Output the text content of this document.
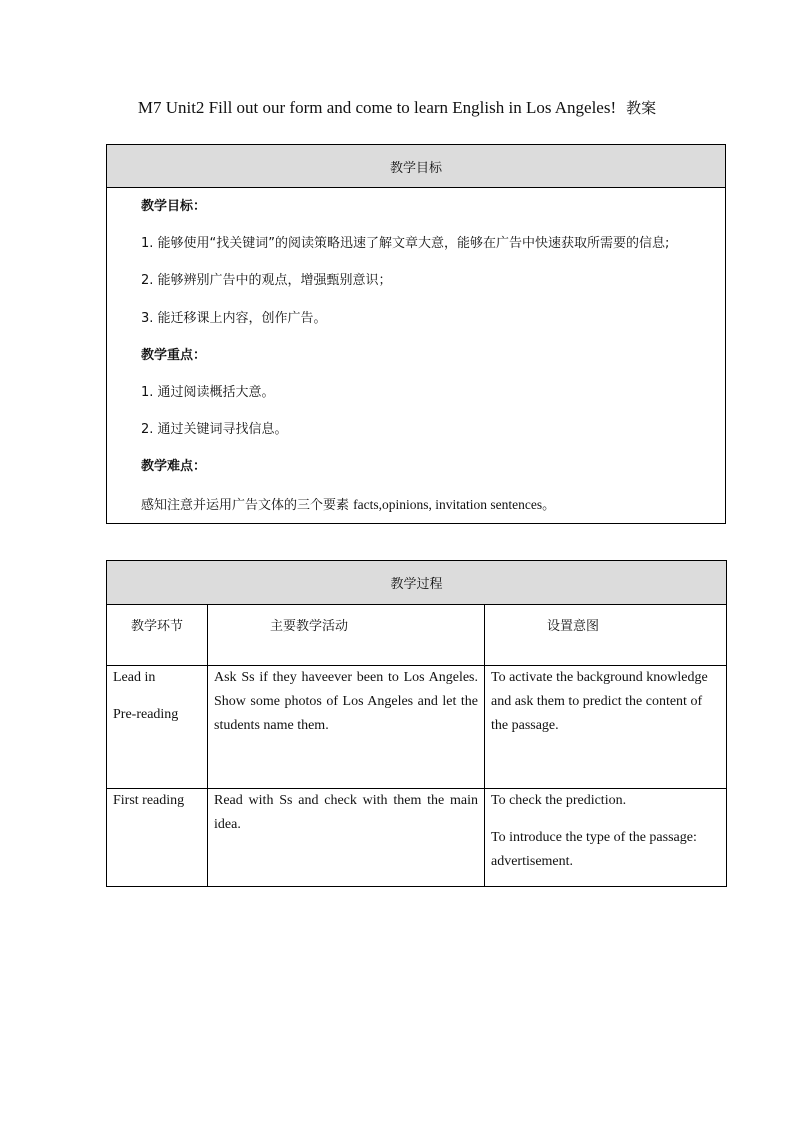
M7 Unit2 Fill out our form and come to learn English in Los Angeles! 教案
教学目标

教学目标：
1. 能够使用“找关键词”的阅读策略迅速了解文章大意，能够在广告中快速获取所需要的信息;
2. 能够辨别广告中的观点，增强甄别意识；
3. 能迁移课上内容，创作广告。
教学重点：
1. 通过阅读概括大意。
2. 通过关键词寻找信息。
教学难点：
感知注意并运用广告文体的三个要素 facts,opinions, invitation sentences。
教学过程		
教学环节	主要教学活动	设置意图

Lead in

Pre-reading	Ask Ss if they haveever been to Los Angeles. Show some photos of Los Angeles and let the students name them.	To activate the background knowledge and ask them to predict the content of the passage.

First reading	Read with Ss and check with them the main idea.	To check the prediction.

To introduce the type of the passage: advertisement.
